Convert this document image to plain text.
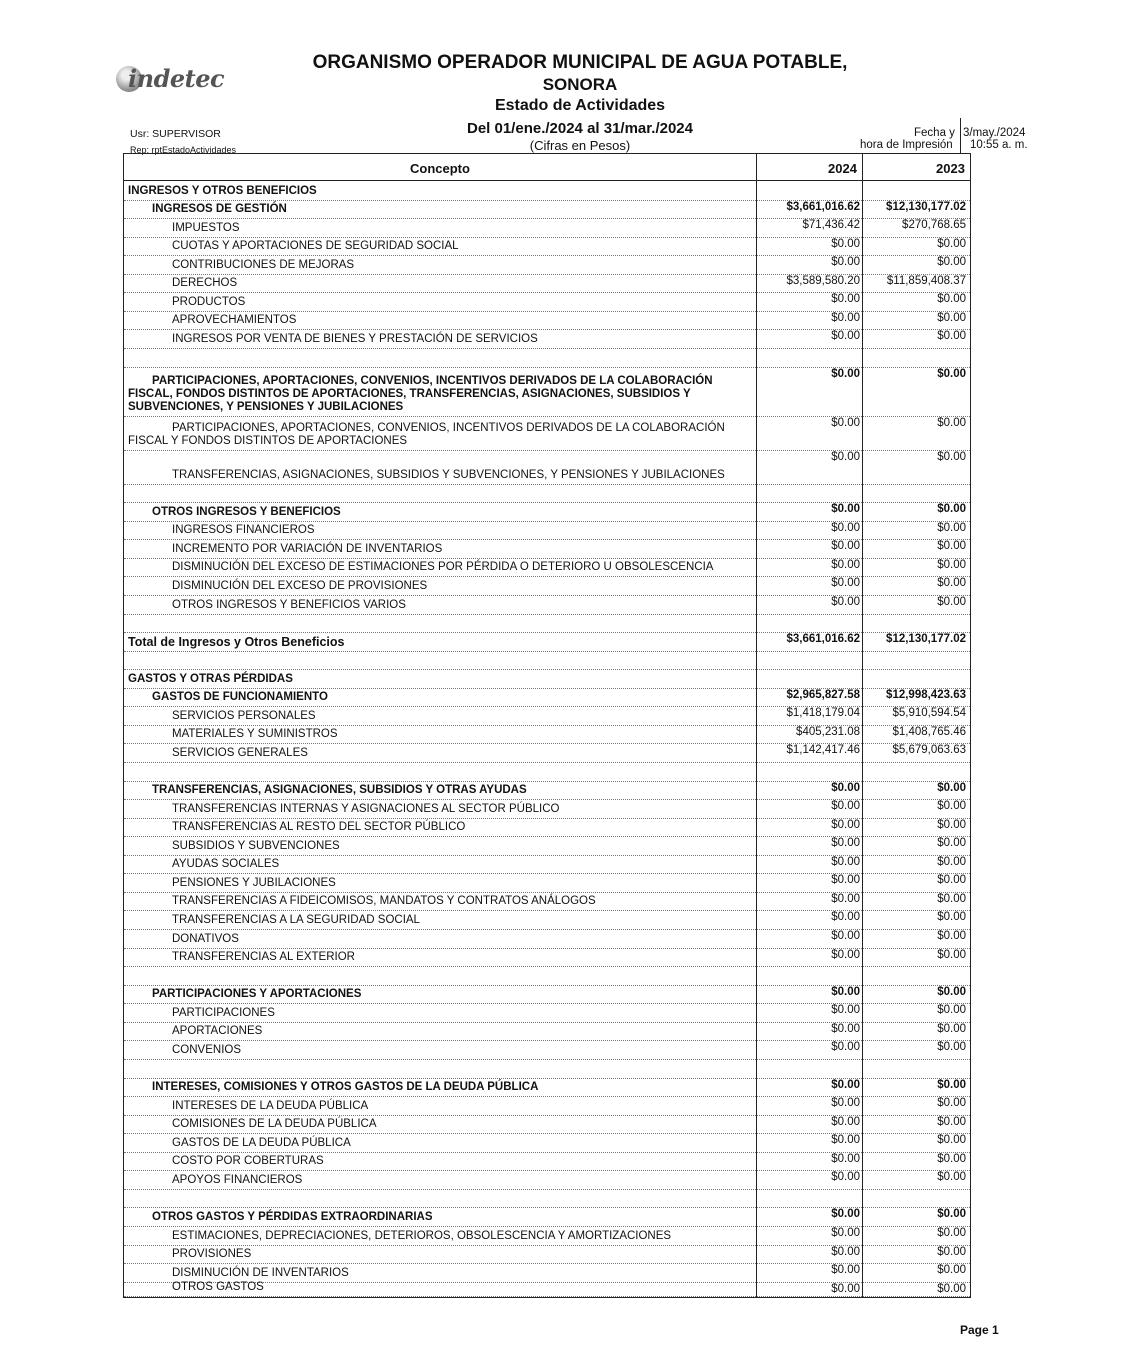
indetec
ORGANISMO OPERADOR MUNICIPAL DE AGUA POTABLE,
SONORA
Estado de Actividades
Del 01/ene./2024 al 31/mar./2024
(Cifras en Pesos)
Usr: SUPERVISOR
Rep: rptEstadoActividades
Fecha y 3/may./2024
hora de Impresión 10:55 a. m.
Concepto	2024	2023
INGRESOS Y OTROS BENEFICIOS
INGRESOS DE GESTIÓN	$3,661,016.62	$12,130,177.02
IMPUESTOS	$71,436.42	$270,768.65
CUOTAS Y APORTACIONES DE SEGURIDAD SOCIAL	$0.00	$0.00
CONTRIBUCIONES DE MEJORAS	$0.00	$0.00
DERECHOS	$3,589,580.20	$11,859,408.37
PRODUCTOS	$0.00	$0.00
APROVECHAMIENTOS	$0.00	$0.00
INGRESOS POR VENTA DE BIENES Y PRESTACIÓN DE SERVICIOS	$0.00	$0.00
PARTICIPACIONES, APORTACIONES, CONVENIOS, INCENTIVOS DERIVADOS DE LA COLABORACIÓN FISCAL, FONDOS DISTINTOS DE APORTACIONES, TRANSFERENCIAS, ASIGNACIONES, SUBSIDIOS Y SUBVENCIONES, Y PENSIONES Y JUBILACIONES
$0.00	$0.00
PARTICIPACIONES, APORTACIONES, CONVENIOS, INCENTIVOS DERIVADOS DE LA COLABORACIÓN FISCAL Y FONDOS DISTINTOS DE APORTACIONES
$0.00	$0.00
TRANSFERENCIAS, ASIGNACIONES, SUBSIDIOS Y SUBVENCIONES, Y PENSIONES Y JUBILACIONES
$0.00	$0.00
OTROS INGRESOS Y BENEFICIOS	$0.00	$0.00
INGRESOS FINANCIEROS	$0.00	$0.00
INCREMENTO POR VARIACIÓN DE INVENTARIOS	$0.00	$0.00
DISMINUCIÓN DEL EXCESO DE ESTIMACIONES POR PÉRDIDA O DETERIORO U OBSOLESCENCIA	$0.00	$0.00
DISMINUCIÓN DEL EXCESO DE PROVISIONES	$0.00	$0.00
OTROS INGRESOS Y BENEFICIOS VARIOS	$0.00	$0.00
Total de Ingresos y Otros Beneficios	$3,661,016.62	$12,130,177.02
GASTOS Y OTRAS PÉRDIDAS
GASTOS DE FUNCIONAMIENTO	$2,965,827.58	$12,998,423.63
SERVICIOS PERSONALES	$1,418,179.04	$5,910,594.54
MATERIALES Y SUMINISTROS	$405,231.08	$1,408,765.46
SERVICIOS GENERALES	$1,142,417.46	$5,679,063.63
TRANSFERENCIAS, ASIGNACIONES, SUBSIDIOS Y OTRAS AYUDAS	$0.00	$0.00
TRANSFERENCIAS INTERNAS Y ASIGNACIONES AL SECTOR PÚBLICO	$0.00	$0.00
TRANSFERENCIAS AL RESTO DEL SECTOR PÚBLICO	$0.00	$0.00
SUBSIDIOS Y SUBVENCIONES	$0.00	$0.00
AYUDAS SOCIALES	$0.00	$0.00
PENSIONES Y JUBILACIONES	$0.00	$0.00
TRANSFERENCIAS A FIDEICOMISOS, MANDATOS Y CONTRATOS ANÁLOGOS	$0.00	$0.00
TRANSFERENCIAS A LA SEGURIDAD SOCIAL	$0.00	$0.00
DONATIVOS	$0.00	$0.00
TRANSFERENCIAS AL EXTERIOR	$0.00	$0.00
PARTICIPACIONES Y APORTACIONES	$0.00	$0.00
PARTICIPACIONES	$0.00	$0.00
APORTACIONES	$0.00	$0.00
CONVENIOS	$0.00	$0.00
INTERESES, COMISIONES Y OTROS GASTOS DE LA DEUDA PÚBLICA	$0.00	$0.00
INTERESES DE LA DEUDA PÚBLICA	$0.00	$0.00
COMISIONES DE LA DEUDA PÚBLICA	$0.00	$0.00
GASTOS DE LA DEUDA PÚBLICA	$0.00	$0.00
COSTO POR COBERTURAS	$0.00	$0.00
APOYOS FINANCIEROS	$0.00	$0.00
OTROS GASTOS Y PÉRDIDAS EXTRAORDINARIAS	$0.00	$0.00
ESTIMACIONES, DEPRECIACIONES, DETERIOROS, OBSOLESCENCIA Y AMORTIZACIONES	$0.00	$0.00
PROVISIONES	$0.00	$0.00
DISMINUCIÓN DE INVENTARIOS	$0.00	$0.00
OTROS GASTOS	$0.00	$0.00
Page 1
